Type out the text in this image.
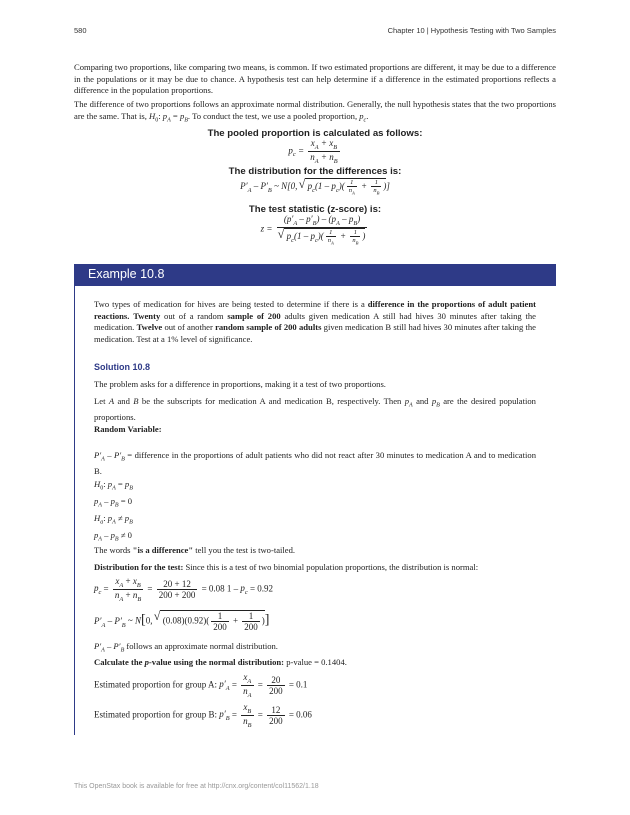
580	Chapter 10 | Hypothesis Testing with Two Samples
Comparing two proportions, like comparing two means, is common. If two estimated proportions are different, it may be due to a difference in the populations or it may be due to chance. A hypothesis test can help determine if a difference in the estimated proportions reflects a difference in the population proportions.
The difference of two proportions follows an approximate normal distribution. Generally, the null hypothesis states that the two proportions are the same. That is, $H_0$: $p_A = p_B$. To conduct the test, we use a pooled proportion, $p_c$.
The pooled proportion is calculated as follows:
$p_c = \frac{x_A + x_B}{n_A + n_B}$
The distribution for the differences is:
$P'_A - P'_B$ ~ N[0, √ $p_c(1 - p_c)( \frac{1}{n_A} + \frac{1}{n_B}$ )]
The test statistic (z-score) is:
$z = (p'_A - p'_B) - (p_A - p_B)$
√ $p_c(1 - p_c)( \frac{1}{n_A} + \frac{1}{n_B}$ )
Example 10.8
Two types of medication for hives are being tested to determine if there is a difference in the proportions of adult patient reactions. Twenty out of a random sample of 200 adults given medication A still had hives 30 minutes after taking the medication. Twelve out of another random sample of 200 adults given medication B still had hives 30 minutes after taking the medication. Test at a 1% level of significance.
Solution 10.8
The problem asks for a difference in proportions, making it a test of two proportions.
Let A and B be the subscripts for medication A and medication B, respectively. Then $p_A$ and $p_B$ are the desired population proportions.
Random Variable:
$P'_A - P'_B$ = difference in the proportions of adult patients who did not react after 30 minutes to medication A and to medication B.
$H_0$: $p_A = p_B$
$p_A - p_B = 0$
$H_a$: $p_A \ne p_B$
$p_A - p_B \ne 0$
The words "is a difference" tell you the test is two-tailed.
Distribution for the test: Since this is a test of two binomial population proportions, the distribution is normal:
$p_c = \frac{x_A + x_B}{n_A + n_B} = \frac{20 + 12}{200 + 200} = 0.08$ $1 - p_c = 0.92$
$P'_A - P'_B$ ~ N[0, √ $(0.08)(0.92)( \frac{1}{200} + \frac{1}{200}$ )]
$P'_A - P'_B$ follows an approximate normal distribution.
Calculate the p-value using the normal distribution: p-value = 0.1404.
Estimated proportion for group A: $p'_A = \frac{x_A}{n_A} = \frac{20}{200} = 0.1$
Estimated proportion for group B: $p'_B = \frac{x_B}{n_B} = \frac{12}{200} = 0.06$
This OpenStax book is available for free at http://cnx.org/content/col11562/1.18
